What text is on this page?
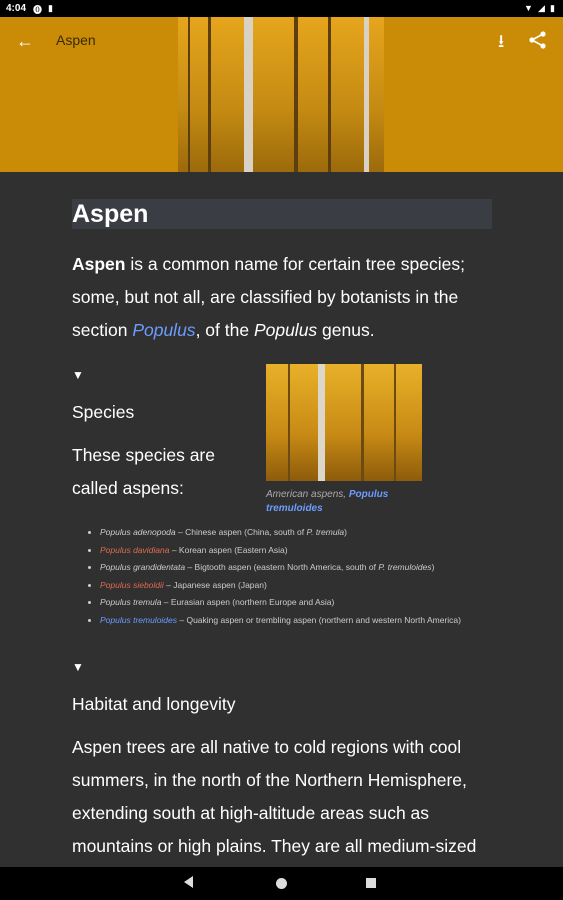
4:04 ⓿ ▮	▼ ◢ ▮
← Aspen	⭳
Aspen
Aspen is a common name for certain tree species; some, but not all, are classified by botanists in the section Populus, of the Populus genus.
▼
Species
These species are called aspens:	American aspens, Populus tremuloides
• Populus adenopoda – Chinese aspen (China, south of P. tremula)
• Populus davidiana – Korean aspen (Eastern Asia)
• Populus grandidentata – Bigtooth aspen (eastern North America, south of P. tremuloides)
• Populus sieboldii – Japanese aspen (Japan)
• Populus tremula – Eurasian aspen (northern Europe and Asia)
• Populus tremuloides – Quaking aspen or trembling aspen (northern and western North America)
▼
Habitat and longevity
Aspen trees are all native to cold regions with cool summers, in the north of the Northern Hemisphere, extending south at high-altitude areas such as mountains or high plains. They are all medium-sized
